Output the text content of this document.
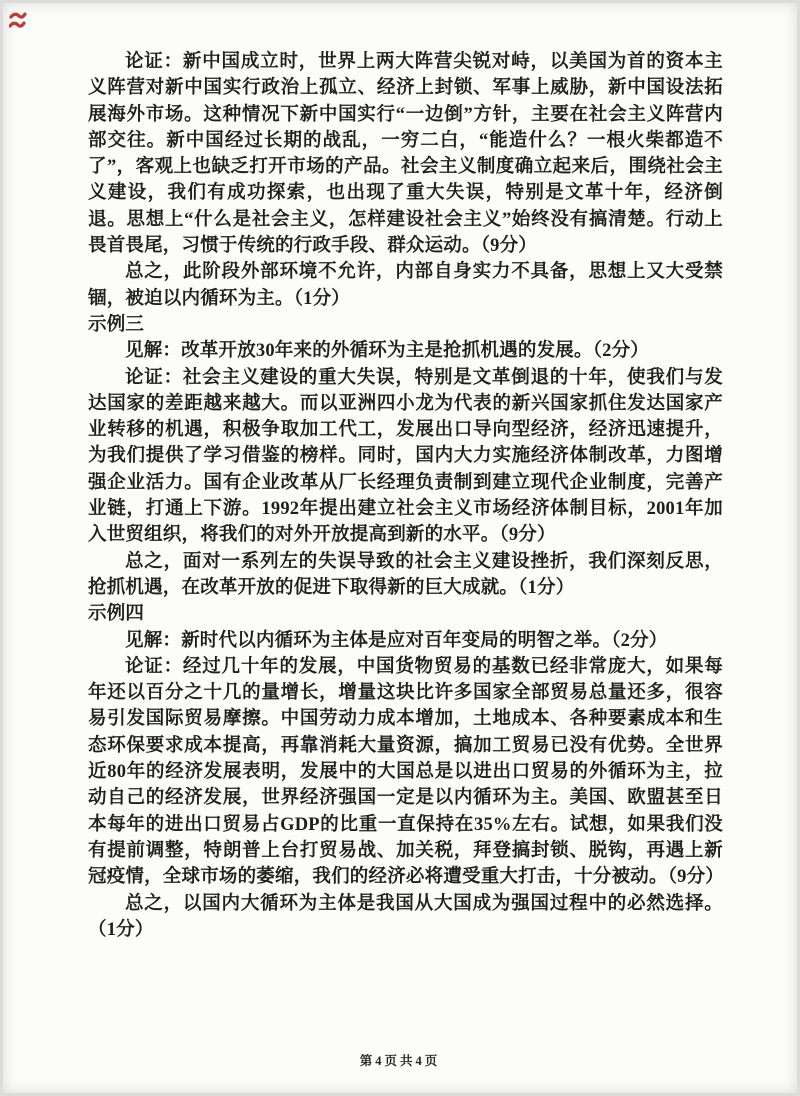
论证：新中国成立时，世界上两大阵营尖锐对峙，以美国为首的资本主义阵营对新中国实行政治上孤立、经济上封锁、军事上威胁，新中国设法拓展海外市场。这种情况下新中国实行“一边倒”方针，主要在社会主义阵营内部交往。新中国经过长期的战乱，一穷二白，“能造什么？一根火柴都造不了”，客观上也缺乏打开市场的产品。社会主义制度确立起来后，围绕社会主义建设，我们有成功探索，也出现了重大失误，特别是文革十年，经济倒退。思想上“什么是社会主义，怎样建设社会主义”始终没有搞清楚。行动上畏首畏尾，习惯于传统的行政手段、群众运动。（9分）

总之，此阶段外部环境不允许，内部自身实力不具备，思想上又大受禁锢，被迫以内循环为主。（1分）

示例三

见解：改革开放30年来的外循环为主是抢抓机遇的发展。（2分）

论证：社会主义建设的重大失误，特别是文革倒退的十年，使我们与发达国家的差距越来越大。而以亚洲四小龙为代表的新兴国家抓住发达国家产业转移的机遇，积极争取加工代工，发展出口导向型经济，经济迅速提升，为我们提供了学习借鉴的榜样。同时，国内大力实施经济体制改革，力图增强企业活力。国有企业改革从厂长经理负责制到建立现代企业制度，完善产业链，打通上下游。1992年提出建立社会主义市场经济体制目标，2001年加入世贸组织，将我们的对外开放提高到新的水平。（9分）

总之，面对一系列左的失误导致的社会主义建设挫折，我们深刻反思，抢抓机遇，在改革开放的促进下取得新的巨大成就。（1分）

示例四

见解：新时代以内循环为主体是应对百年变局的明智之举。（2分）

论证：经过几十年的发展，中国货物贸易的基数已经非常庞大，如果每年还以百分之十几的量增长，增量这块比许多国家全部贸易总量还多，很容易引发国际贸易摩擦。中国劳动力成本增加，土地成本、各种要素成本和生态环保要求成本提高，再靠消耗大量资源，搞加工贸易已没有优势。全世界近80年的经济发展表明，发展中的大国总是以进出口贸易的外循环为主，拉动自己的经济发展，世界经济强国一定是以内循环为主。美国、欧盟甚至日本每年的进出口贸易占GDP的比重一直保持在35%左右。试想，如果我们没有提前调整，特朗普上台打贸易战、加关税，拜登搞封锁、脱钩，再遇上新冠疫情，全球市场的萎缩，我们的经济必将遭受重大打击，十分被动。（9分）

总之，以国内大循环为主体是我国从大国成为强国过程中的必然选择。（1分）

第4页共4页
